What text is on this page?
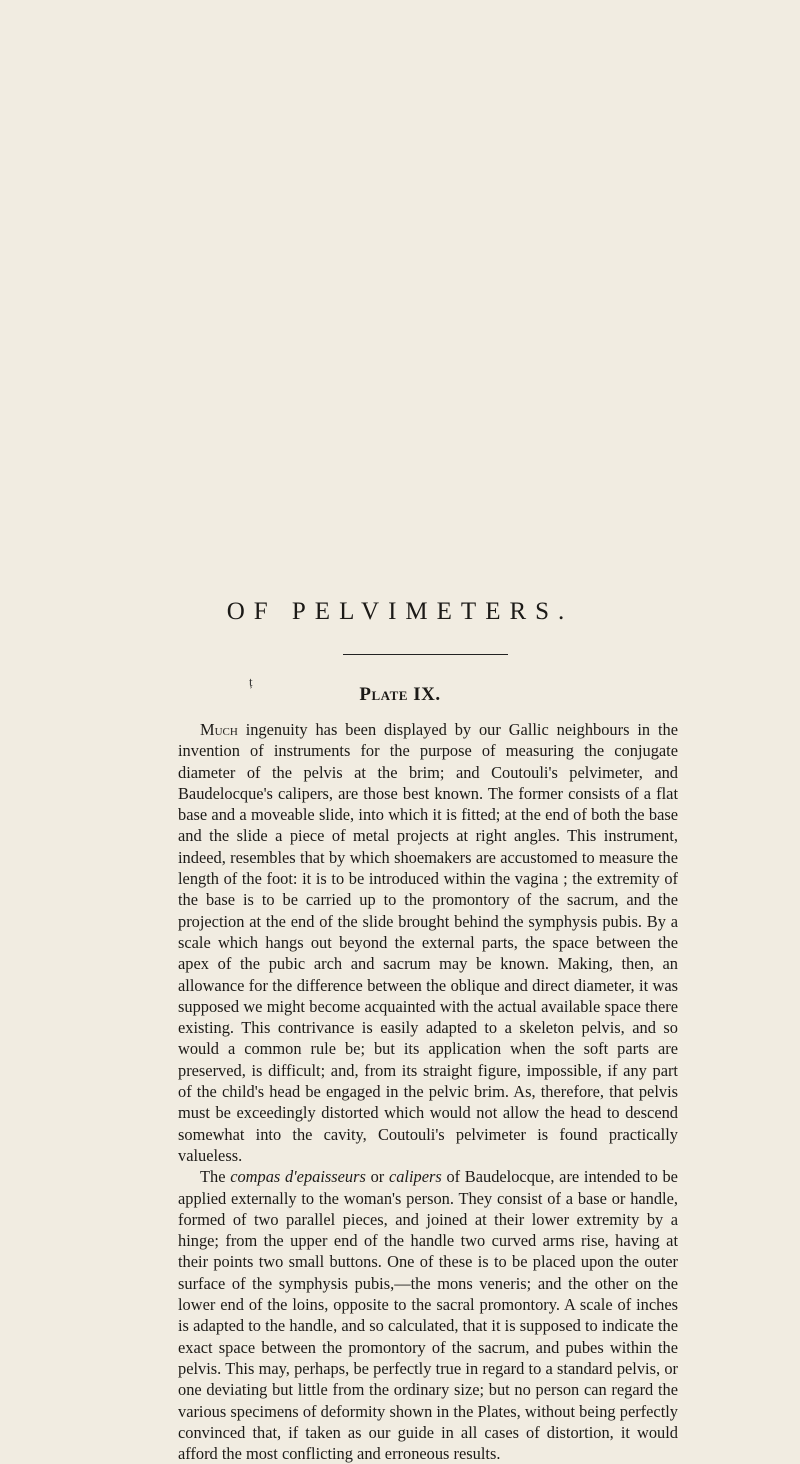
OF PELVIMETERS.
ț
Plate IX.

Much ingenuity has been displayed by our Gallic neighbours in the invention of instruments for the purpose of measuring the conjugate diameter of the pelvis at the brim; and Coutouli's pelvimeter, and Baudelocque's calipers, are those best known. The former consists of a flat base and a moveable slide, into which it is fitted; at the end of both the base and the slide a piece of metal projects at right angles. This instrument, indeed, resembles that by which shoemakers are accustomed to measure the length of the foot: it is to be introduced within the vagina ; the extremity of the base is to be carried up to the promontory of the sacrum, and the projection at the end of the slide brought behind the symphysis pubis. By a scale which hangs out beyond the external parts, the space between the apex of the pubic arch and sacrum may be known. Making, then, an allowance for the difference between the oblique and direct diameter, it was supposed we might become acquainted with the actual available space there existing. This contrivance is easily adapted to a skeleton pelvis, and so would a common rule be; but its application when the soft parts are preserved, is difficult; and, from its straight figure, impossible, if any part of the child's head be engaged in the pelvic brim. As, therefore, that pelvis must be exceedingly distorted which would not allow the head to descend somewhat into the cavity, Coutouli's pelvimeter is found practically valueless.

The compas d'epaisseurs or calipers of Baudelocque, are intended to be applied externally to the woman's person. They consist of a base or handle, formed of two parallel pieces, and joined at their lower extremity by a hinge; from the upper end of the handle two curved arms rise, having at their points two small buttons. One of these is to be placed upon the outer surface of the symphysis pubis,—the mons veneris; and the other on the lower end of the loins, opposite to the sacral promontory. A scale of inches is adapted to the handle, and so calculated, that it is supposed to indicate the exact space between the promontory of the sacrum, and pubes within the pelvis. This may, perhaps, be perfectly true in regard to a standard pelvis, or one deviating but little from the ordinary size; but no person can regard the various specimens of deformity shown in the Plates, without being perfectly convinced that, if taken as our guide in all cases of distortion, it would afford the most conflicting and erroneous results.
